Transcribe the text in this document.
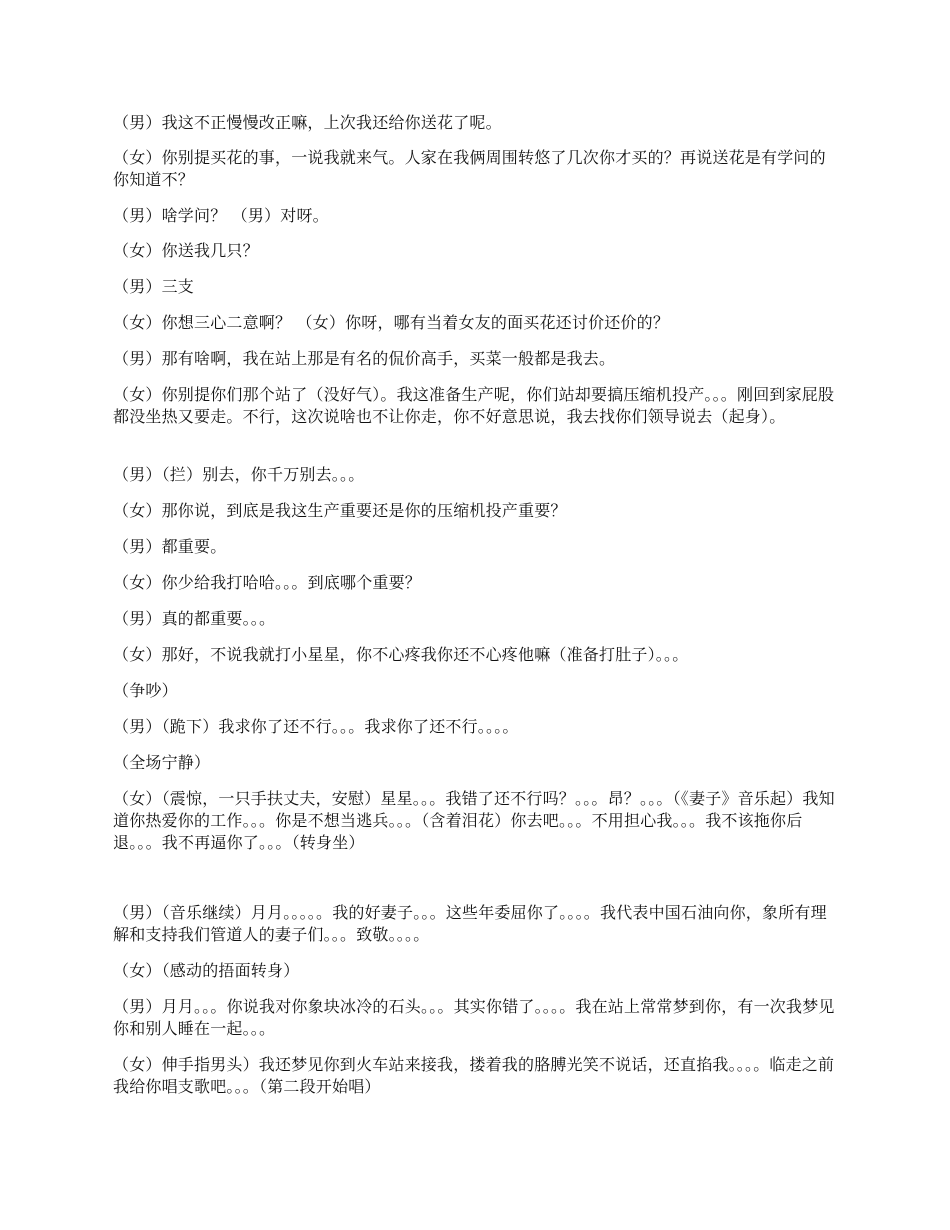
（男）我这不正慢慢改正嘛，上次我还给你送花了呢。

（女）你别提买花的事，一说我就来气。人家在我俩周围转悠了几次你才买的？再说送花是有学问的你知道不？

（男）啥学问？ （男）对呀。

（女）你送我几只？

（男）三支

（女）你想三心二意啊？ （女）你呀，哪有当着女友的面买花还讨价还价的？

（男）那有啥啊，我在站上那是有名的侃价高手，买菜一般都是我去。

（女）你别提你们那个站了（没好气）。我这准备生产呢，你们站却要搞压缩机投产。。。刚回到家屁股都没坐热又要走。不行，这次说啥也不让你走，你不好意思说，我去找你们领导说去（起身）。

（男）（拦）别去，你千万别去。。。

（女）那你说，到底是我这生产重要还是你的压缩机投产重要？

（男）都重要。

（女）你少给我打哈哈。。。到底哪个重要？

（男）真的都重要。。。

（女）那好，不说我就打小星星，你不心疼我你还不心疼他嘛（准备打肚子）。。。

（争吵）

（男）（跪下）我求你了还不行。。。我求你了还不行。。。。

（全场宁静）

（女）（震惊，一只手扶丈夫，安慰）星星。。。我错了还不行吗？。。。昂？。。。（《妻子》音乐起）我知道你热爱你的工作。。。你是不想当逃兵。。。（含着泪花）你去吧。。。不用担心我。。。我不该拖你后退。。。我不再逼你了。。。（转身坐）

（男）（音乐继续）月月。。。。。我的好妻子。。。这些年委屈你了。。。。我代表中国石油向你，象所有理解和支持我们管道人的妻子们。。。致敬。。。。

（女）（感动的捂面转身）

（男）月月。。。你说我对你象块冰冷的石头。。。其实你错了。。。。我在站上常常梦到你，有一次我梦见你和别人睡在一起。。。

（女）伸手指男头）我还梦见你到火车站来接我，搂着我的胳膊光笑不说话，还直掐我。。。。临走之前我给你唱支歌吧。。。（第二段开始唱）
